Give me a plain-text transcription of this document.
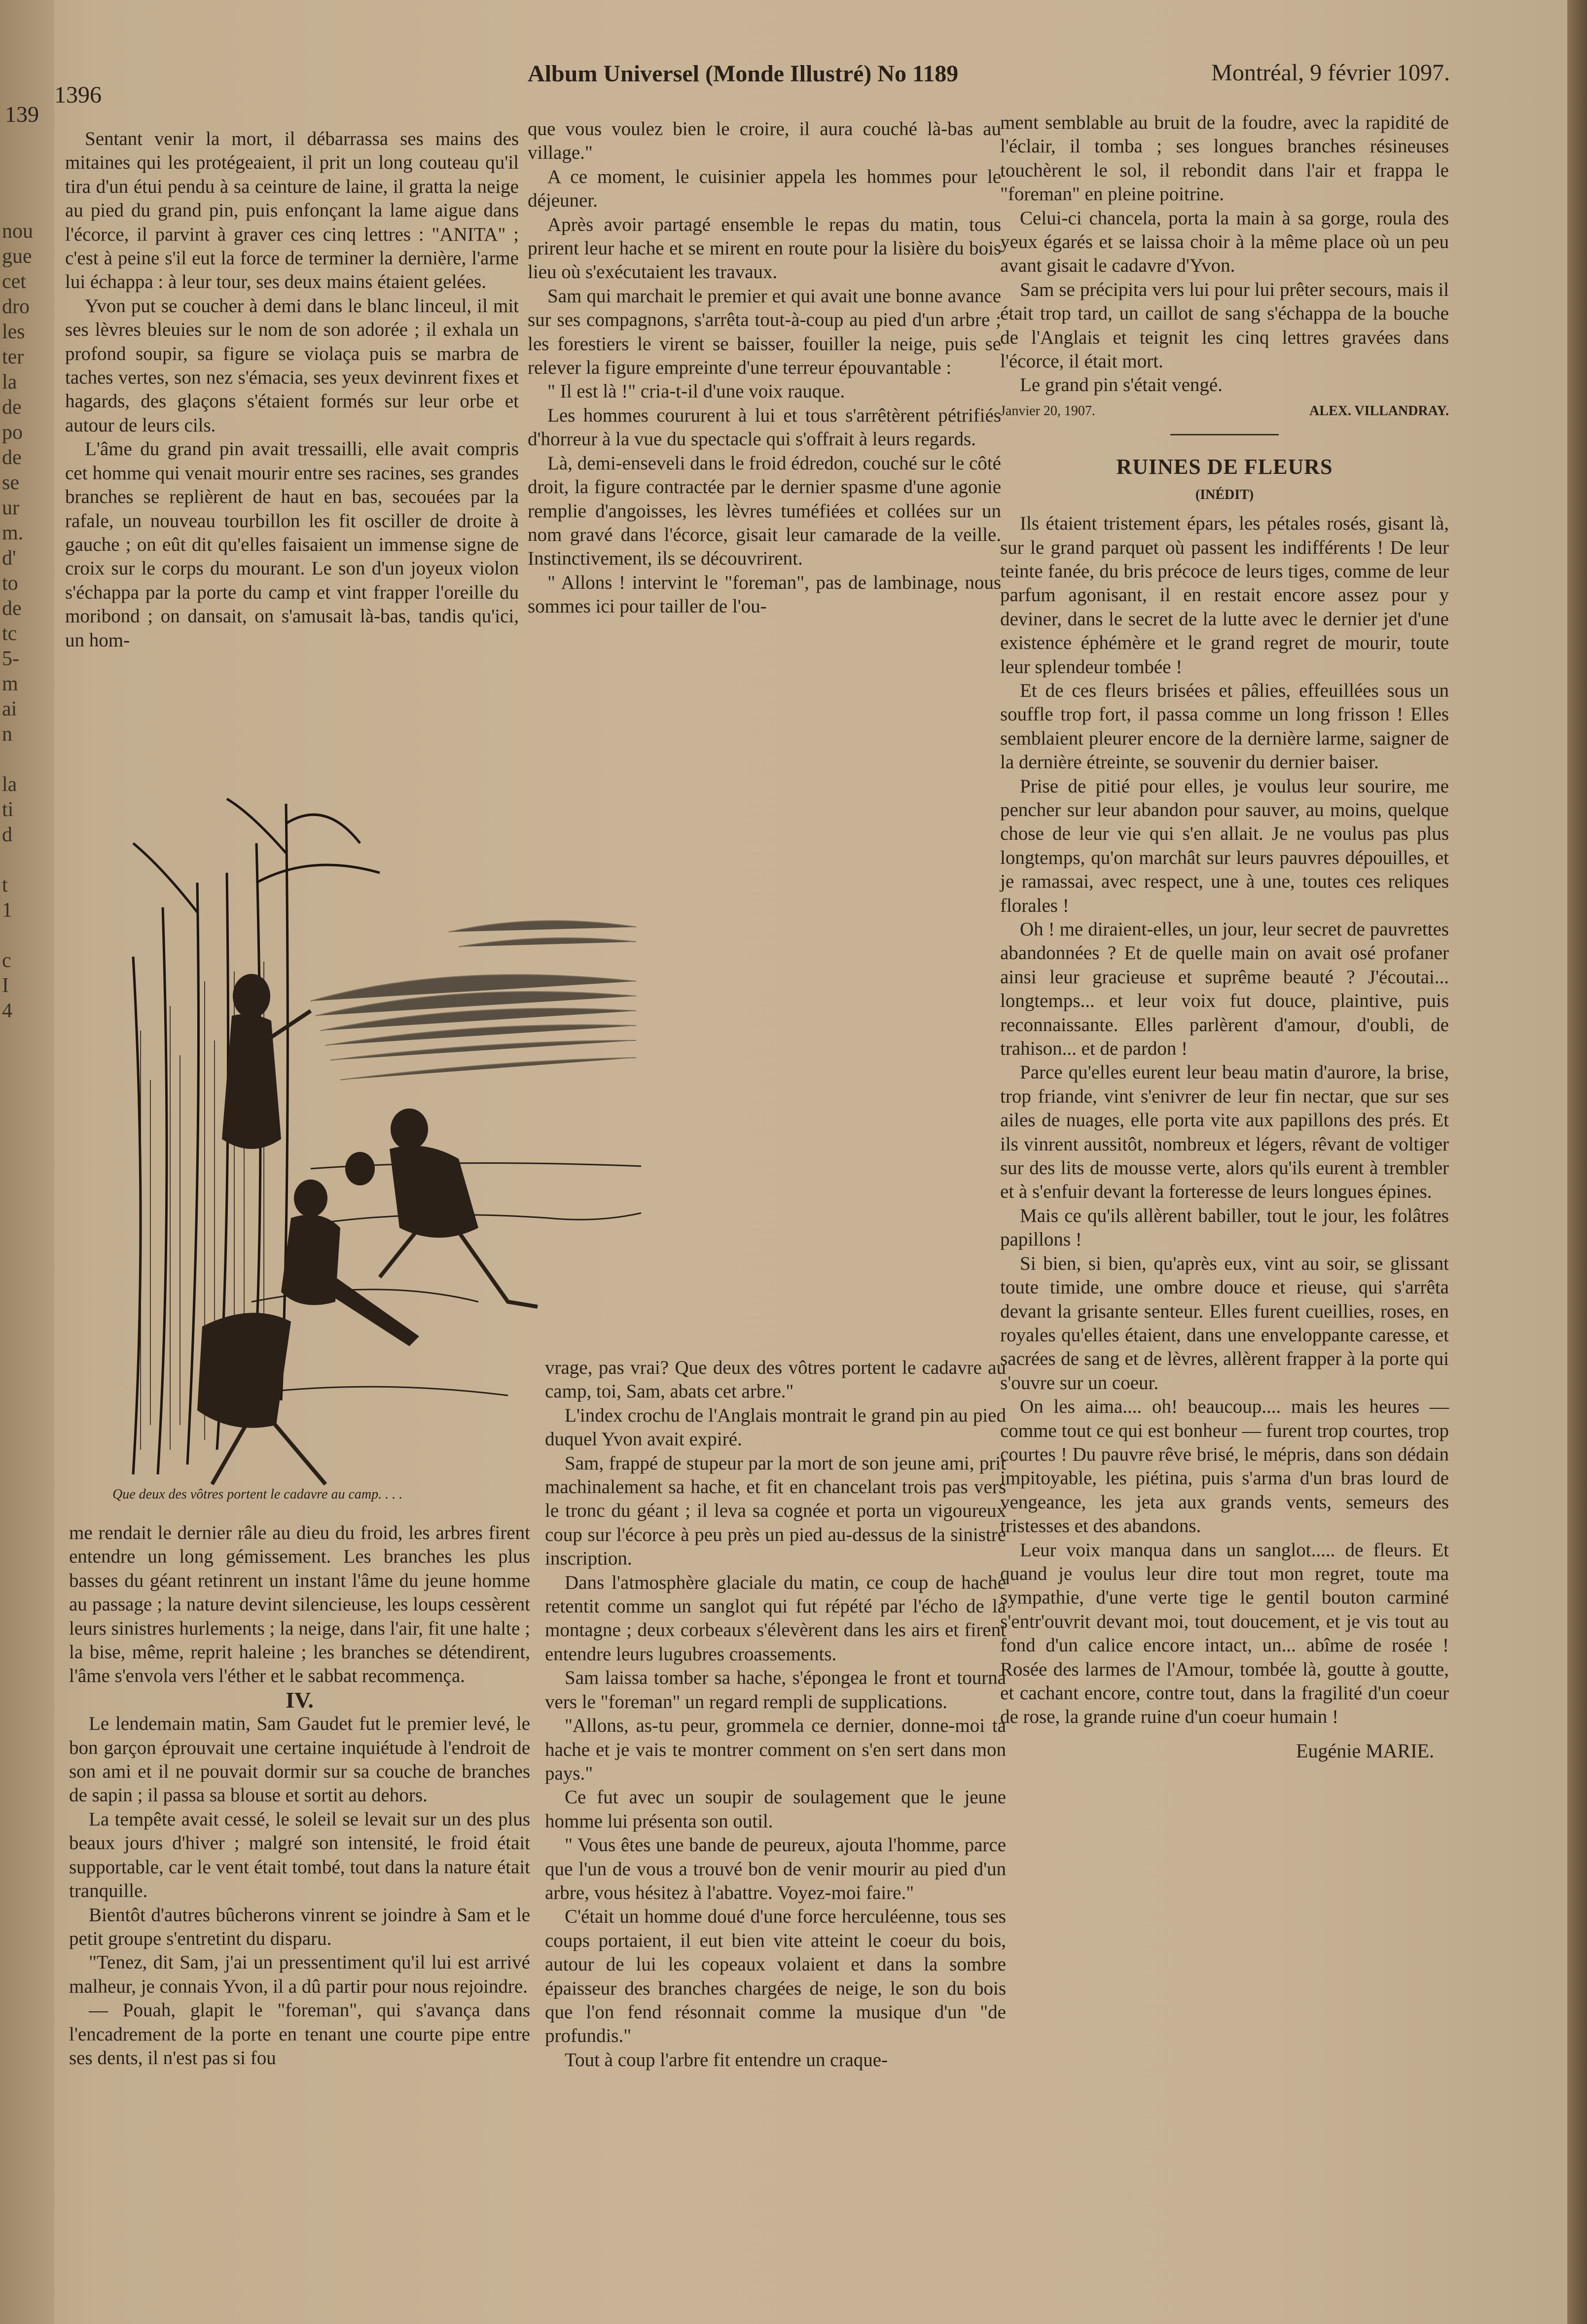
139

nou
gue
cet
dro
les
ter
la
de
po
de
se
ur
m.
d'
to
de
tc
5-
m
ai
n

la
ti
d

t
1

c
I
4
1396
Album Universel (Monde Illustré) No 1189	Montréal, 9 février 1097.

Sentant venir la mort, il débarrassa ses mains des mitaines qui les protégeaient, il prit un long couteau qu'il tira d'un étui pendu à sa ceinture de laine, il gratta la neige au pied du grand pin, puis enfonçant la lame aigue dans l'écorce, il parvint à graver ces cinq lettres : "ANITA" ; c'est à peine s'il eut la force de terminer la dernière, l'arme lui échappa : à leur tour, ses deux mains étaient gelées.

Yvon put se coucher à demi dans le blanc linceul, il mit ses lèvres bleuies sur le nom de son adorée ; il exhala un profond soupir, sa figure se violaça puis se marbra de taches vertes, son nez s'émacia, ses yeux devinrent fixes et hagards, des glaçons s'étaient formés sur leur orbe et autour de leurs cils.

L'âme du grand pin avait tressailli, elle avait compris cet homme qui venait mourir entre ses racines, ses grandes branches se replièrent de haut en bas, secouées par la rafale, un nouveau tourbillon les fit osciller de droite à gauche ; on eût dit qu'elles faisaient un immense signe de croix sur le corps du mourant. Le son d'un joyeux violon s'échappa par la porte du camp et vint frapper l'oreille du moribond ; on dansait, on s'amusait là-bas, tandis qu'ici, un hom-

Que deux des vôtres portent le cadavre au camp. . . .

me rendait le dernier râle au dieu du froid, les arbres firent entendre un long gémissement. Les branches les plus basses du géant retinrent un instant l'âme du jeune homme au passage ; la nature devint silencieuse, les loups cessèrent leurs sinistres hurlements ; la neige, dans l'air, fit une halte ; la bise, même, reprit haleine ; les branches se détendirent, l'âme s'envola vers l'éther et le sabbat recommença.

IV.

Le lendemain matin, Sam Gaudet fut le premier levé, le bon garçon éprouvait une certaine inquiétude à l'endroit de son ami et il ne pouvait dormir sur sa couche de branches de sapin ; il passa sa blouse et sortit au dehors.

La tempête avait cessé, le soleil se levait sur un des plus beaux jours d'hiver ; malgré son intensité, le froid était supportable, car le vent était tombé, tout dans la nature était tranquille.

Bientôt d'autres bûcherons vinrent se joindre à Sam et le petit groupe s'entretint du disparu.

"Tenez, dit Sam, j'ai un pressentiment qu'il lui est arrivé malheur, je connais Yvon, il a dû partir pour nous rejoindre.

— Pouah, glapit le "foreman", qui s'avança dans l'encadrement de la porte en tenant une courte pipe entre ses dents, il n'est pas si fou

que vous voulez bien le croire, il aura couché là-bas au village."

A ce moment, le cuisinier appela les hommes pour le déjeuner.

Après avoir partagé ensemble le repas du matin, tous prirent leur hache et se mirent en route pour la lisière du bois lieu où s'exécutaient les travaux.

Sam qui marchait le premier et qui avait une bonne avance sur ses compagnons, s'arrêta tout-à-coup au pied d'un arbre ; les forestiers le virent se baisser, fouiller la neige, puis se relever la figure empreinte d'une terreur épouvantable :

" Il est là !" cria-t-il d'une voix rauque.

Les hommes coururent à lui et tous s'arrêtèrent pétrifiés d'horreur à la vue du spectacle qui s'offrait à leurs regards.

Là, demi-enseveli dans le froid édredon, couché sur le côté droit, la figure contractée par le dernier spasme d'une agonie remplie d'angoisses, les lèvres tuméfiées et collées sur un nom gravé dans l'écorce, gisait leur camarade de la veille. Instinctivement, ils se découvrirent.

" Allons ! intervint le "foreman", pas de lambinage, nous sommes ici pour tailler de l'ou-

vrage, pas vrai? Que deux des vôtres portent le cadavre au camp, toi, Sam, abats cet arbre."

L'index crochu de l'Anglais montrait le grand pin au pied duquel Yvon avait expiré.

Sam, frappé de stupeur par la mort de son jeune ami, prit machinalement sa hache, et fit en chancelant trois pas vers le tronc du géant ; il leva sa cognée et porta un vigoureux coup sur l'écorce à peu près un pied au-dessus de la sinistre inscription.

Dans l'atmosphère glaciale du matin, ce coup de hache retentit comme un sanglot qui fut répété par l'écho de la montagne ; deux corbeaux s'élevèrent dans les airs et firent entendre leurs lugubres croassements.

Sam laissa tomber sa hache, s'épongea le front et tourna vers le "foreman" un regard rempli de supplications.

"Allons, as-tu peur, grommela ce dernier, donne-moi ta hache et je vais te montrer comment on s'en sert dans mon pays."

Ce fut avec un soupir de soulagement que le jeune homme lui présenta son outil.

" Vous êtes une bande de peureux, ajouta l'homme, parce que l'un de vous a trouvé bon de venir mourir au pied d'un arbre, vous hésitez à l'abattre. Voyez-moi faire."

C'était un homme doué d'une force herculéenne, tous ses coups portaient, il eut bien vite atteint le coeur du bois, autour de lui les copeaux volaient et dans la sombre épaisseur des branches chargées de neige, le son du bois que l'on fend résonnait comme la musique d'un "de profundis."

Tout à coup l'arbre fit entendre un craque-

ment semblable au bruit de la foudre, avec la rapidité de l'éclair, il tomba ; ses longues branches résineuses touchèrent le sol, il rebondit dans l'air et frappa le "foreman" en pleine poitrine.

Celui-ci chancela, porta la main à sa gorge, roula des yeux égarés et se laissa choir à la même place où un peu avant gisait le cadavre d'Yvon.

Sam se précipita vers lui pour lui prêter secours, mais il était trop tard, un caillot de sang s'échappa de la bouche de l'Anglais et teignit les cinq lettres gravées dans l'écorce, il était mort.

Le grand pin s'était vengé.

Janvier 20, 1907.	ALEX. VILLANDRAY.
RUINES DE FLEURS
(INÉDIT)

Ils étaient tristement épars, les pétales rosés, gisant là, sur le grand parquet où passent les indifférents ! De leur teinte fanée, du bris précoce de leurs tiges, comme de leur parfum agonisant, il en restait encore assez pour y deviner, dans le secret de la lutte avec le dernier jet d'une existence éphémère et le grand regret de mourir, toute leur splendeur tombée !

Et de ces fleurs brisées et pâlies, effeuillées sous un souffle trop fort, il passa comme un long frisson ! Elles semblaient pleurer encore de la dernière larme, saigner de la dernière étreinte, se souvenir du dernier baiser.

Prise de pitié pour elles, je voulus leur sourire, me pencher sur leur abandon pour sauver, au moins, quelque chose de leur vie qui s'en allait. Je ne voulus pas plus longtemps, qu'on marchât sur leurs pauvres dépouilles, et je ramassai, avec respect, une à une, toutes ces reliques florales !

Oh ! me diraient-elles, un jour, leur secret de pauvrettes abandonnées ? Et de quelle main on avait osé profaner ainsi leur gracieuse et suprême beauté ? J'écoutai... longtemps... et leur voix fut douce, plaintive, puis reconnaissante. Elles parlèrent d'amour, d'oubli, de trahison... et de pardon !

Parce qu'elles eurent leur beau matin d'aurore, la brise, trop friande, vint s'enivrer de leur fin nectar, que sur ses ailes de nuages, elle porta vite aux papillons des prés. Et ils vinrent aussitôt, nombreux et légers, rêvant de voltiger sur des lits de mousse verte, alors qu'ils eurent à trembler et à s'enfuir devant la forteresse de leurs longues épines.

Mais ce qu'ils allèrent babiller, tout le jour, les folâtres papillons !

Si bien, si bien, qu'après eux, vint au soir, se glissant toute timide, une ombre douce et rieuse, qui s'arrêta devant la grisante senteur. Elles furent cueillies, roses, en royales qu'elles étaient, dans une enveloppante caresse, et sacrées de sang et de lèvres, allèrent frapper à la porte qui s'ouvre sur un coeur.

On les aima.... oh! beaucoup.... mais les heures — comme tout ce qui est bonheur — furent trop courtes, trop courtes ! Du pauvre rêve brisé, le mépris, dans son dédain impitoyable, les piétina, puis s'arma d'un bras lourd de vengeance, les jeta aux grands vents, semeurs des tristesses et des abandons.

Leur voix manqua dans un sanglot..... de fleurs. Et quand je voulus leur dire tout mon regret, toute ma sympathie, d'une verte tige le gentil bouton carminé s'entr'ouvrit devant moi, tout doucement, et je vis tout au fond d'un calice encore intact, un... abîme de rosée ! Rosée des larmes de l'Amour, tombée là, goutte à goutte, et cachant encore, contre tout, dans la fragilité d'un coeur de rose, la grande ruine d'un coeur humain !

Eugénie MARIE.
